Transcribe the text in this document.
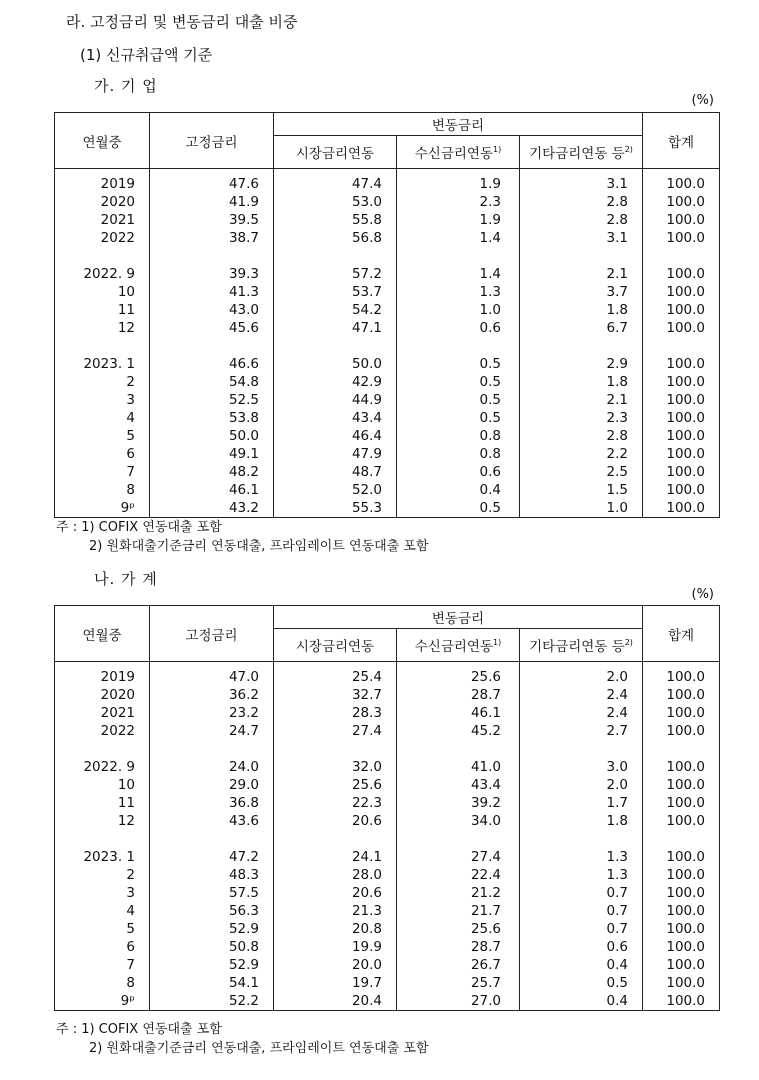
라. 고정금리 및 변동금리 대출 비중
(1) 신규취급액 기준
가. 기 업
(%)
연월중	고정금리	변동금리			합계
		시장금리연동	수신금리연동$^{1)}$	기타금리연동 등$^{2)}$
2019	47.6	47.4	1.9	3.1	100.0
2020	41.9	53.0	2.3	2.8	100.0
2021	39.5	55.8	1.9	2.8	100.0
2022	38.7	56.8	1.4	3.1	100.0

2022. 9	39.3	57.2	1.4	2.1	100.0
10	41.3	53.7	1.3	3.7	100.0
11	43.0	54.2	1.0	1.8	100.0
12	45.6	47.1	0.6	6.7	100.0

2023. 1	46.6	50.0	0.5	2.9	100.0
2	54.8	42.9	0.5	1.8	100.0
3	52.5	44.9	0.5	2.1	100.0
4	53.8	43.4	0.5	2.3	100.0
5	50.0	46.4	0.8	2.8	100.0
6	49.1	47.9	0.8	2.2	100.0
7	48.2	48.7	0.6	2.5	100.0
8	46.1	52.0	0.4	1.5	100.0
9ᵖ	43.2	55.3	0.5	1.0	100.0
주 : 1) COFIX 연동대출 포함
2) 원화대출기준금리 연동대출, 프라임레이트 연동대출 포함
나. 가 계
(%)
연월중	고정금리	변동금리			합계
		시장금리연동	수신금리연동$^{1)}$	기타금리연동 등$^{2)}$
2019	47.0	25.4	25.6	2.0	100.0
2020	36.2	32.7	28.7	2.4	100.0
2021	23.2	28.3	46.1	2.4	100.0
2022	24.7	27.4	45.2	2.7	100.0

2022. 9	24.0	32.0	41.0	3.0	100.0
10	29.0	25.6	43.4	2.0	100.0
11	36.8	22.3	39.2	1.7	100.0
12	43.6	20.6	34.0	1.8	100.0

2023. 1	47.2	24.1	27.4	1.3	100.0
2	48.3	28.0	22.4	1.3	100.0
3	57.5	20.6	21.2	0.7	100.0
4	56.3	21.3	21.7	0.7	100.0
5	52.9	20.8	25.6	0.7	100.0
6	50.8	19.9	28.7	0.6	100.0
7	52.9	20.0	26.7	0.4	100.0
8	54.1	19.7	25.7	0.5	100.0
9ᵖ	52.2	20.4	27.0	0.4	100.0
주 : 1) COFIX 연동대출 포함
2) 원화대출기준금리 연동대출, 프라임레이트 연동대출 포함
